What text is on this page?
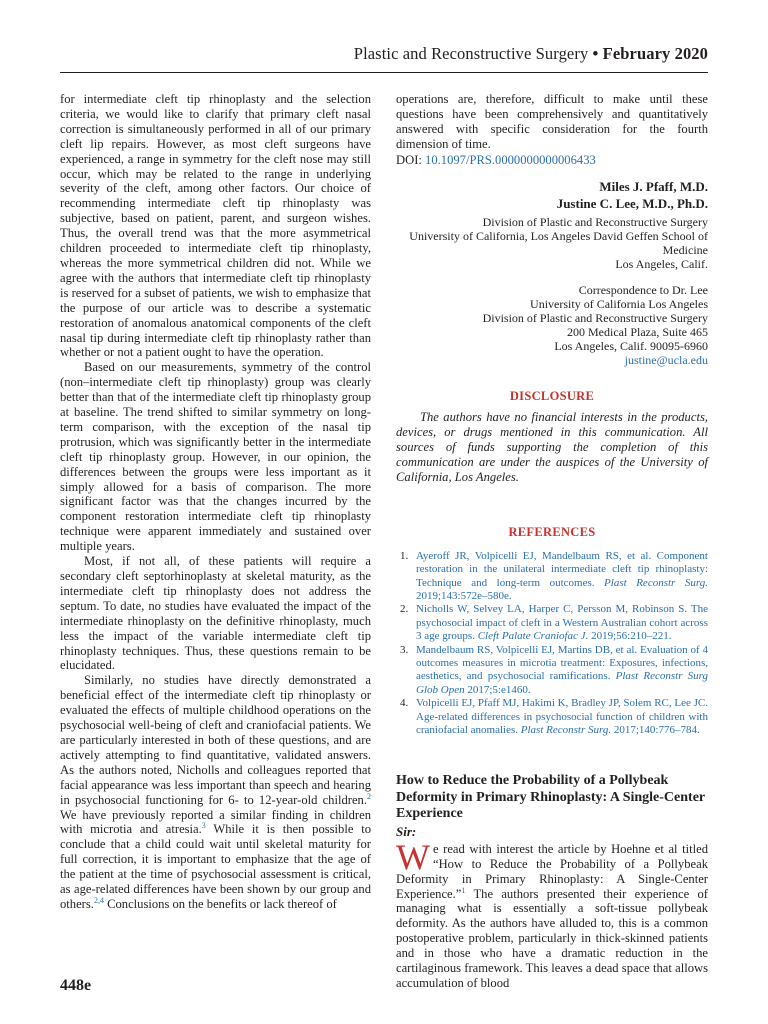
Plastic and Reconstructive Surgery • February 2020

for intermediate cleft tip rhinoplasty and the selection criteria, we would like to clarify that primary cleft nasal correction is simultaneously performed in all of our primary cleft lip repairs. However, as most cleft surgeons have experienced, a range in symmetry for the cleft nose may still occur, which may be related to the range in underlying severity of the cleft, among other factors. Our choice of recommending intermediate cleft tip rhinoplasty was subjective, based on patient, parent, and surgeon wishes. Thus, the overall trend was that the more asymmetrical children proceeded to intermediate cleft tip rhinoplasty, whereas the more symmetrical children did not. While we agree with the authors that intermediate cleft tip rhinoplasty is reserved for a subset of patients, we wish to emphasize that the purpose of our article was to describe a systematic restoration of anomalous anatomical components of the cleft nasal tip during intermediate cleft tip rhinoplasty rather than whether or not a patient ought to have the operation.

Based on our measurements, symmetry of the control (non–intermediate cleft tip rhinoplasty) group was clearly better than that of the intermediate cleft tip rhinoplasty group at baseline. The trend shifted to similar symmetry on long-term comparison, with the exception of the nasal tip protrusion, which was significantly better in the intermediate cleft tip rhinoplasty group. However, in our opinion, the differences between the groups were less important as it simply allowed for a basis of comparison. The more significant factor was that the changes incurred by the component restoration intermediate cleft tip rhinoplasty technique were apparent immediately and sustained over multiple years.

Most, if not all, of these patients will require a secondary cleft septorhinoplasty at skeletal maturity, as the intermediate cleft tip rhinoplasty does not address the septum. To date, no studies have evaluated the impact of the intermediate rhinoplasty on the definitive rhinoplasty, much less the impact of the variable intermediate cleft tip rhinoplasty techniques. Thus, these questions remain to be elucidated.

Similarly, no studies have directly demonstrated a beneficial effect of the intermediate cleft tip rhinoplasty or evaluated the effects of multiple childhood operations on the psychosocial well-being of cleft and craniofacial patients. We are particularly interested in both of these questions, and are actively attempting to find quantitative, validated answers. As the authors noted, Nicholls and colleagues reported that facial appearance was less important than speech and hearing in psychosocial functioning for 6- to 12-year-old children.$^2$ We have previously reported a similar finding in children with microtia and atresia.$^3$ While it is then possible to conclude that a child could wait until skeletal maturity for full correction, it is important to emphasize that the age of the patient at the time of psychosocial assessment is critical, as age-related differences have been shown by our group and others.$^{2,4}$ Conclusions on the benefits or lack thereof of

operations are, therefore, difficult to make until these questions have been comprehensively and quantitatively answered with specific consideration for the fourth dimension of time.

DOI: 10.1097/PRS.0000000000006433
Miles J. Pfaff, M.D.
Justine C. Lee, M.D., Ph.D.
Division of Plastic and Reconstructive Surgery
University of California, Los Angeles David Geffen School of
Medicine
Los Angeles, Calif.
Correspondence to Dr. Lee
University of California Los Angeles
Division of Plastic and Reconstructive Surgery
200 Medical Plaza, Suite 465
Los Angeles, Calif. 90095-6960
justine@ucla.edu
DISCLOSURE

The authors have no financial interests in the products, devices, or drugs mentioned in this communication. All sources of funds supporting the completion of this communication are under the auspices of the University of California, Los Angeles.

REFERENCES
1. Ayeroff JR, Volpicelli EJ, Mandelbaum RS, et al. Component restoration in the unilateral intermediate cleft tip rhinoplasty: Technique and long-term outcomes. Plast Reconstr Surg. 2019;143:572e–580e.
2. Nicholls W, Selvey LA, Harper C, Persson M, Robinson S. The psychosocial impact of cleft in a Western Australian cohort across 3 age groups. Cleft Palate Craniofac J. 2019;56:210–221.
3. Mandelbaum RS, Volpicelli EJ, Martins DB, et al. Evaluation of 4 outcomes measures in microtia treatment: Exposures, infections, aesthetics, and psychosocial ramifications. Plast Reconstr Surg Glob Open 2017;5:e1460.
4. Volpicelli EJ, Pfaff MJ, Hakimi K, Bradley JP, Solem RC, Lee JC. Age-related differences in psychosocial function of children with craniofacial anomalies. Plast Reconstr Surg. 2017;140:776–784.
How to Reduce the Probability of a Pollybeak Deformity in Primary Rhinoplasty: A Single-Center Experience
Sir:

We read with interest the article by Hoehne et al titled “How to Reduce the Probability of a Pollybeak Deformity in Primary Rhinoplasty: A Single-Center Experience.”$^1$ The authors presented their experience of managing what is essentially a soft-tissue pollybeak deformity. As the authors have alluded to, this is a common postoperative problem, particularly in thick-skinned patients and in those who have a dramatic reduction in the cartilaginous framework. This leaves a dead space that allows accumulation of blood

448e
